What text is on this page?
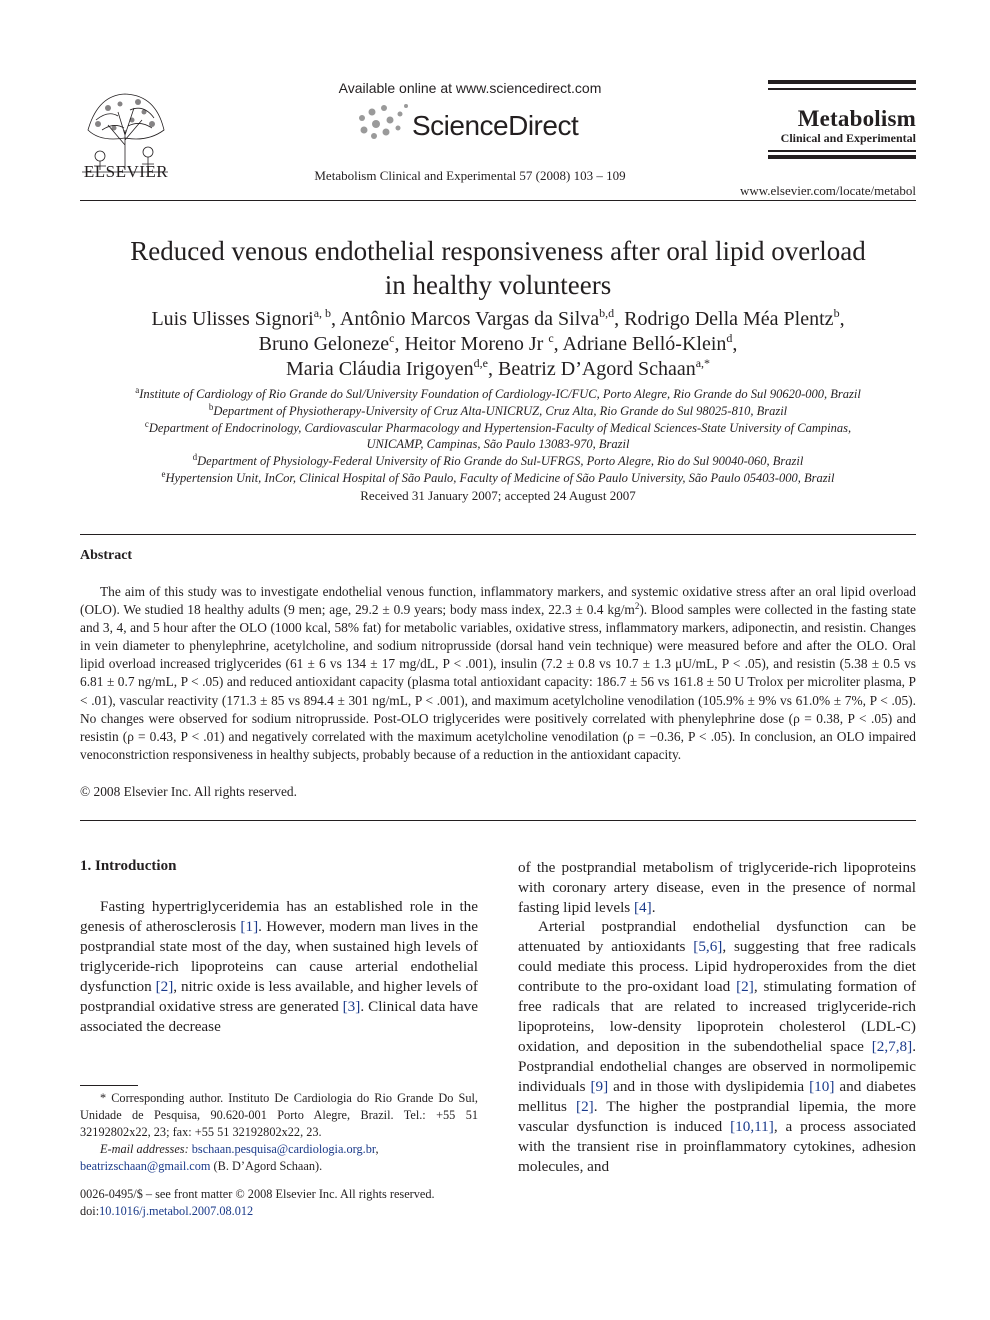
ELSEVIER
Available online at www.sciencedirect.com
ScienceDirect
Metabolism Clinical and Experimental 57 (2008) 103 – 109
Metabolism
Clinical and Experimental
www.elsevier.com/locate/metabol
Reduced venous endothelial responsiveness after oral lipid overload
in healthy volunteers
Luis Ulisses Signori$^{a, b}$, Antônio Marcos Vargas da Silva$^{b,d}$, Rodrigo Della Méa Plentz$^b$,
Bruno Geloneze$^c$, Heitor Moreno Jr $^c$, Adriane Belló-Klein$^d$,
Maria Cláudia Irigoyen$^{d,e}$, Beatriz D’Agord Schaan$^{a,*}$
$^a$Institute of Cardiology of Rio Grande do Sul/University Foundation of Cardiology-IC/FUC, Porto Alegre, Rio Grande do Sul 90620-000, Brazil
$^b$Department of Physiotherapy-University of Cruz Alta-UNICRUZ, Cruz Alta, Rio Grande do Sul 98025-810, Brazil
$^c$Department of Endocrinology, Cardiovascular Pharmacology and Hypertension-Faculty of Medical Sciences-State University of Campinas,
UNICAMP, Campinas, São Paulo 13083-970, Brazil
$^d$Department of Physiology-Federal University of Rio Grande do Sul-UFRGS, Porto Alegre, Rio do Sul 90040-060, Brazil
$^e$Hypertension Unit, InCor, Clinical Hospital of São Paulo, Faculty of Medicine of São Paulo University, São Paulo 05403-000, Brazil
Received 31 January 2007; accepted 24 August 2007
Abstract
The aim of this study was to investigate endothelial venous function, inflammatory markers, and systemic oxidative stress after an oral lipid overload (OLO). We studied 18 healthy adults (9 men; age, 29.2 ± 0.9 years; body mass index, 22.3 ± 0.4 $kg/m^2$). Blood samples were collected in the fasting state and 3, 4, and 5 hour after the OLO (1000 kcal, 58% fat) for metabolic variables, oxidative stress, inflammatory markers, adiponectin, and resistin. Changes in vein diameter to phenylephrine, acetylcholine, and sodium nitroprusside (dorsal hand vein technique) were measured before and after the OLO. Oral lipid overload increased triglycerides (61 ± 6 vs 134 ± 17 mg/dL, P < .001), insulin (7.2 ± 0.8 vs 10.7 ± 1.3 μU/mL, P < .05), and resistin (5.38 ± 0.5 vs 6.81 ± 0.7 ng/mL, P < .05) and reduced antioxidant capacity (plasma total antioxidant capacity: 186.7 ± 56 vs 161.8 ± 50 U Trolox per microliter plasma, P < .01), vascular reactivity (171.3 ± 85 vs 894.4 ± 301 ng/mL, P < .001), and maximum acetylcholine venodilation (105.9% ± 9% vs 61.0% ± 7%, P < .05). No changes were observed for sodium nitroprusside. Post-OLO triglycerides were positively correlated with phenylephrine dose (ρ = 0.38, P < .05) and resistin (ρ = 0.43, P < .01) and negatively correlated with the maximum acetylcholine venodilation (ρ = −0.36, P < .05). In conclusion, an OLO impaired venoconstriction responsiveness in healthy subjects, probably because of a reduction in the antioxidant capacity.
© 2008 Elsevier Inc. All rights reserved.
1. Introduction
Fasting hypertriglyceridemia has an established role in the genesis of atherosclerosis [1]. However, modern man lives in the postprandial state most of the day, when sustained high levels of triglyceride-rich lipoproteins can cause arterial endothelial dysfunction [2], nitric oxide is less available, and higher levels of postprandial oxidative stress are generated [3]. Clinical data have associated the decrease
of the postprandial metabolism of triglyceride-rich lipoproteins with coronary artery disease, even in the presence of normal fasting lipid levels [4].
Arterial postprandial endothelial dysfunction can be attenuated by antioxidants [5,6], suggesting that free radicals could mediate this process. Lipid hydroperoxides from the diet contribute to the pro-oxidant load [2], stimulating formation of free radicals that are related to increased triglyceride-rich lipoproteins, low-density lipoprotein cholesterol (LDL-C) oxidation, and deposition in the subendothelial space [2,7,8]. Postprandial endothelial changes are observed in normolipemic individuals [9] and in those with dyslipidemia [10] and diabetes mellitus [2]. The higher the postprandial lipemia, the more vascular dysfunction is induced [10,11], a process associated with the transient rise in proinflammatory cytokines, adhesion molecules, and
* Corresponding author. Instituto De Cardiologia do Rio Grande Do Sul, Unidade de Pesquisa, 90.620-001 Porto Alegre, Brazil. Tel.: +55 51 32192802x22, 23; fax: +55 51 32192802x22, 23.
E-mail addresses: bschaan.pesquisa@cardiologia.org.br,
beatrizschaan@gmail.com (B. D’Agord Schaan).
0026-0495/$ – see front matter © 2008 Elsevier Inc. All rights reserved.
doi:10.1016/j.metabol.2007.08.012
